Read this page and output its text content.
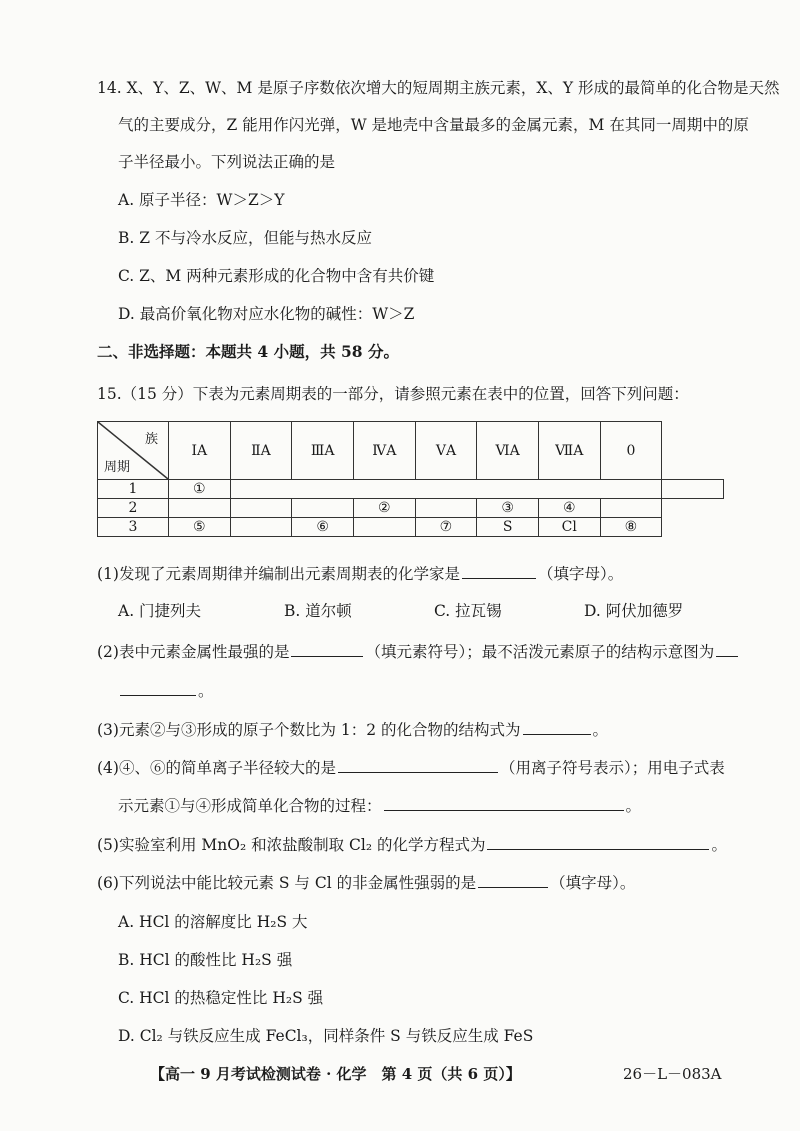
14. X、Y、Z、W、M 是原子序数依次增大的短周期主族元素，X、Y 形成的最简单的化合物是天然
气的主要成分，Z 能用作闪光弹，W 是地壳中含量最多的金属元素，M 在其同一周期中的原
子半径最小。下列说法正确的是
A. 原子半径：W＞Z＞Y
B. Z 不与冷水反应，但能与热水反应
C. Z、M 两种元素形成的化合物中含有共价键
D. 最高价氧化物对应水化物的碱性：W＞Z
二、非选择题：本题共 4 小题，共 58 分。
15.（15 分）下表为元素周期表的一部分，请参照元素在表中的位置，回答下列问题：
族
周期	ⅠA	ⅡA	ⅢA	ⅣA	ⅤA	ⅥA	ⅦA	0	
1	①								
2				②		③	④		
3	⑤		⑥		⑦	S	Cl	⑧	
(1)发现了元素周期律并编制出元素周期表的化学家是	（填字母）。
A. 门捷列夫	B. 道尔顿	C. 拉瓦锡	D. 阿伏加德罗
(2)表中元素金属性最强的是	（填元素符号）；最不活泼元素原子的结构示意图为
。
(3)元素②与③形成的原子个数比为 1：2 的化合物的结构式为	。
(4)④、⑥的简单离子半径较大的是	（用离子符号表示）；用电子式表
示元素①与④形成简单化合物的过程：	。
(5)实验室利用 MnO₂ 和浓盐酸制取 Cl₂ 的化学方程式为	。
(6)下列说法中能比较元素 S 与 Cl 的非金属性强弱的是	（填字母）。
A. HCl 的溶解度比 H₂S 大
B. HCl 的酸性比 H₂S 强
C. HCl 的热稳定性比 H₂S 强
D. Cl₂ 与铁反应生成 FeCl₃，同样条件 S 与铁反应生成 FeS
【高一 9 月考试检测试卷 · 化学　第 4 页（共 6 页）】	26－L－083A
